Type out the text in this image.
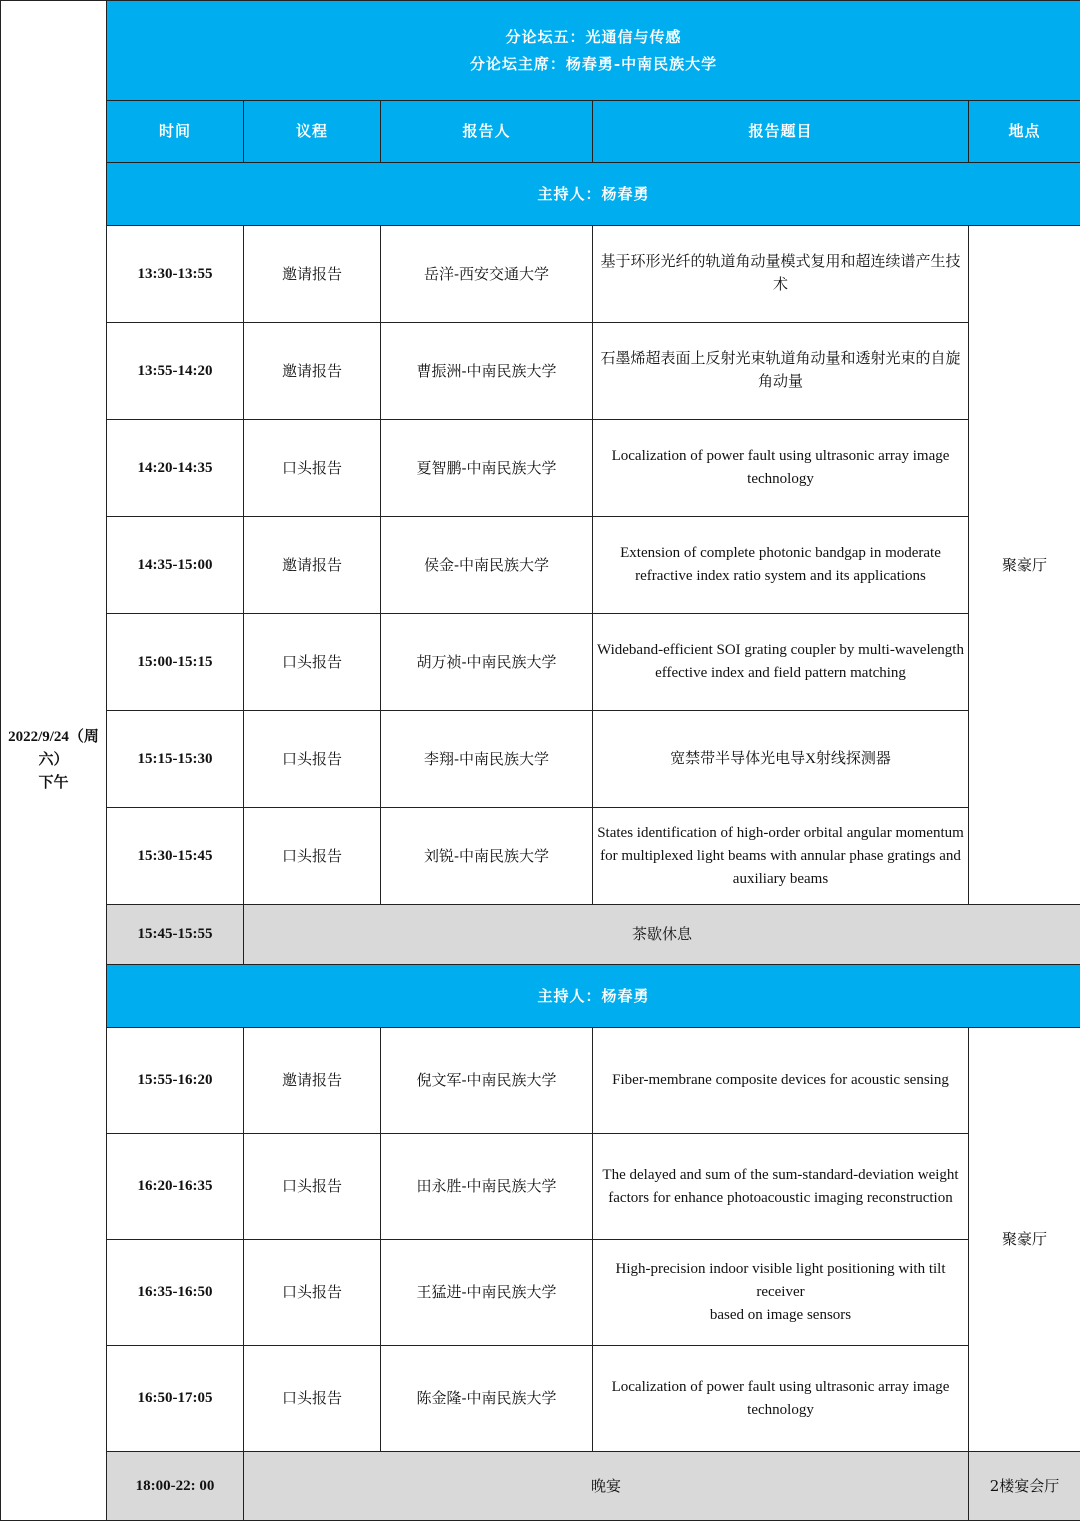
2022/9/24（周
六）
下午	分论坛五：光通信与传感
分论坛主席：杨春勇-中南民族大学				

	时间	议程	报告人	报告题目	地点
	主持人：杨春勇				
	13:30-13:55	邀请报告	岳洋-西安交通大学	基于环形光纤的轨道角动量模式复用和超连续谱产生技术	聚豪厅
	13:55-14:20	邀请报告	曹振洲-中南民族大学	石墨烯超表面上反射光束轨道角动量和透射光束的自旋角动量	
	14:20-14:35	口头报告	夏智鹏-中南民族大学	Localization of power fault using ultrasonic array image technology	
	14:35-15:00	邀请报告	侯金-中南民族大学	Extension of complete photonic bandgap in moderate refractive index ratio system and its applications	
	15:00-15:15	口头报告	胡万祯-中南民族大学	Wideband-efficient SOI grating coupler by multi-wavelength effective index and field pattern matching	
	15:15-15:30	口头报告	李翔-中南民族大学	宽禁带半导体光电导X射线探测器	
	15:30-15:45	口头报告	刘锐-中南民族大学	States identification of high-order orbital angular momentum for multiplexed light beams with annular phase gratings and auxiliary beams	
	15:45-15:55	茶歇休息			
	主持人：杨春勇				
	15:55-16:20	邀请报告	倪文军-中南民族大学	Fiber-membrane composite devices for acoustic sensing	聚豪厅
	16:20-16:35	口头报告	田永胜-中南民族大学	The delayed and sum of the sum-standard-deviation weight factors for enhance photoacoustic imaging reconstruction	
	16:35-16:50	口头报告	王猛进-中南民族大学	High-precision indoor visible light positioning with tilt receiver
based on image sensors	

	16:50-17:05	口头报告	陈金隆-中南民族大学	Localization of power fault using ultrasonic array image technology	
	18:00-22: 00	晚宴			2楼宴会厅
